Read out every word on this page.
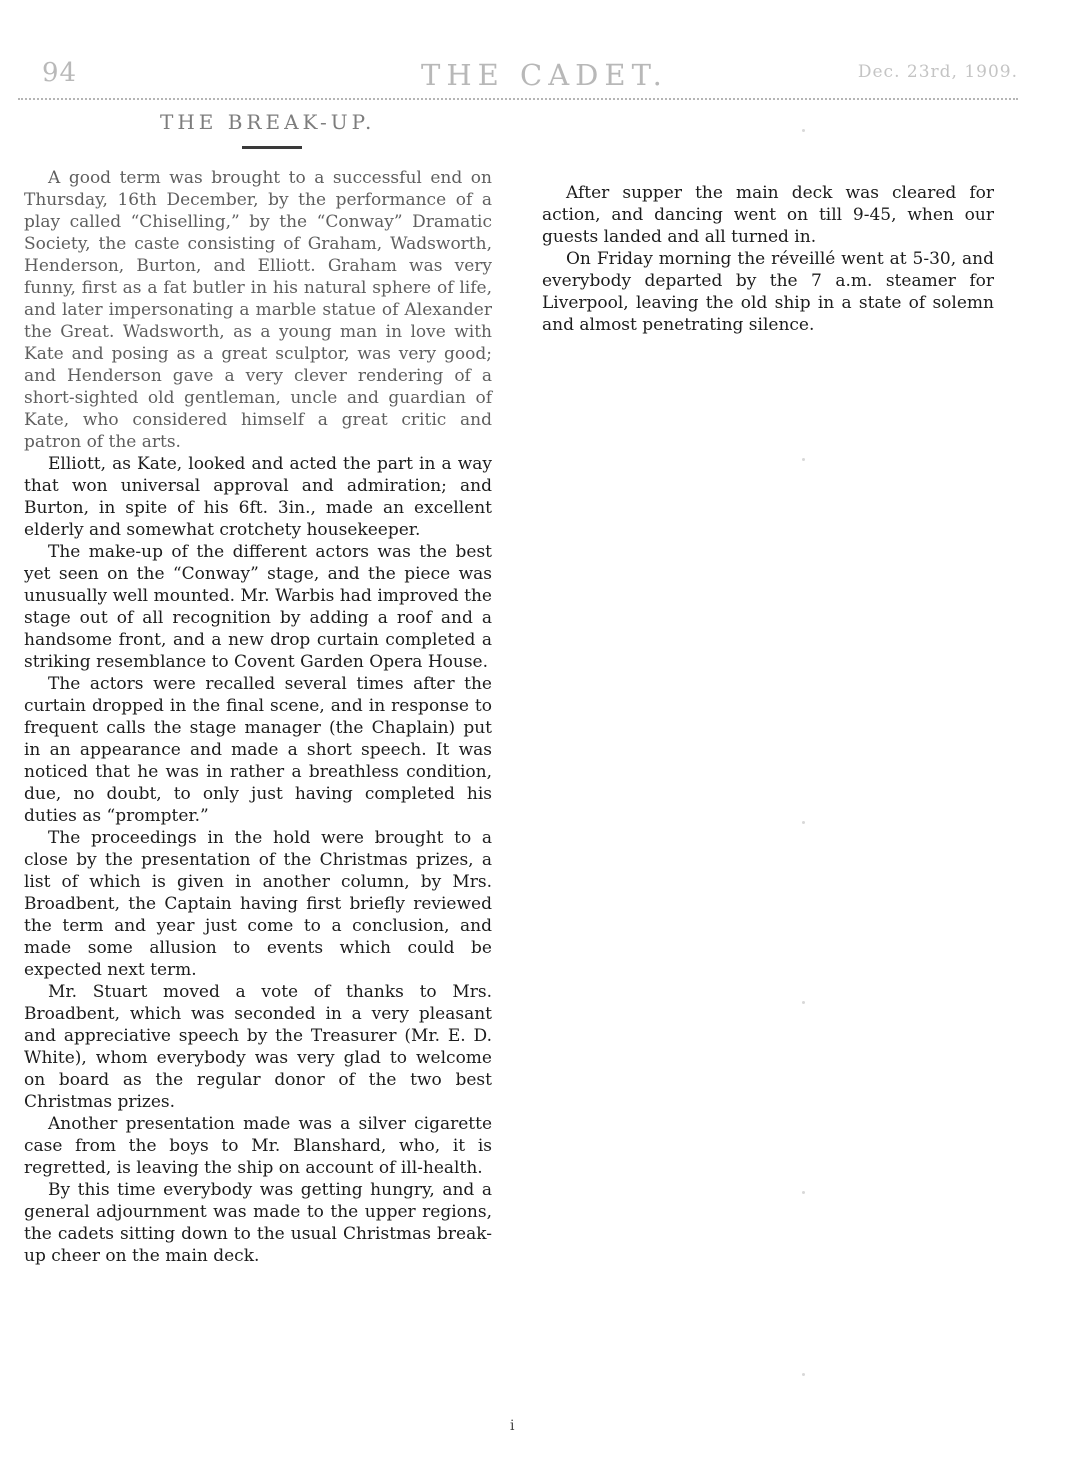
94	THE CADET.	Dec. 23rd, 1909.
THE BREAK-UP.

A good term was brought to a successful end on Thursday, 16th December, by the performance of a play called “Chiselling,” by the “Conway” Dramatic Society, the caste consisting of Graham, Wadsworth, Henderson, Burton, and Elliott. Graham was very funny, first as a fat butler in his natural sphere of life, and later impersonating a marble statue of Alexander the Great. Wadsworth, as a young man in love with Kate and posing as a great sculptor, was very good; and Henderson gave a very clever rendering of a short-sighted old gentleman, uncle and guardian of Kate, who considered himself a great critic and patron of the arts.

Elliott, as Kate, looked and acted the part in a way that won universal approval and admiration; and Burton, in spite of his 6ft. 3in., made an excellent elderly and somewhat crotchety housekeeper.

The make-up of the different actors was the best yet seen on the “Conway” stage, and the piece was unusually well mounted. Mr. Warbis had improved the stage out of all recognition by adding a roof and a handsome front, and a new drop curtain completed a striking resemblance to Covent Garden Opera House.

The actors were recalled several times after the curtain dropped in the final scene, and in response to frequent calls the stage manager (the Chaplain) put in an appearance and made a short speech. It was noticed that he was in rather a breathless condition, due, no doubt, to only just having completed his duties as “prompter.”

The proceedings in the hold were brought to a close by the presentation of the Christmas prizes, a list of which is given in another column, by Mrs. Broadbent, the Captain having first briefly reviewed the term and year just come to a conclusion, and made some allusion to events which could be expected next term.

Mr. Stuart moved a vote of thanks to Mrs. Broadbent, which was seconded in a very pleasant and appreciative speech by the Treasurer (Mr. E. D. White), whom everybody was very glad to welcome on board as the regular donor of the two best Christmas prizes.

Another presentation made was a silver cigarette case from the boys to Mr. Blanshard, who, it is regretted, is leaving the ship on account of ill-health.

By this time everybody was getting hungry, and a general adjournment was made to the upper regions, the cadets sitting down to the usual Christmas break-up cheer on the main deck.

After supper the main deck was cleared for action, and dancing went on till 9-45, when our guests landed and all turned in.

On Friday morning the réveillé went at 5-30, and everybody departed by the 7 a.m. steamer for Liverpool, leaving the old ship in a state of solemn and almost penetrating silence.

i
